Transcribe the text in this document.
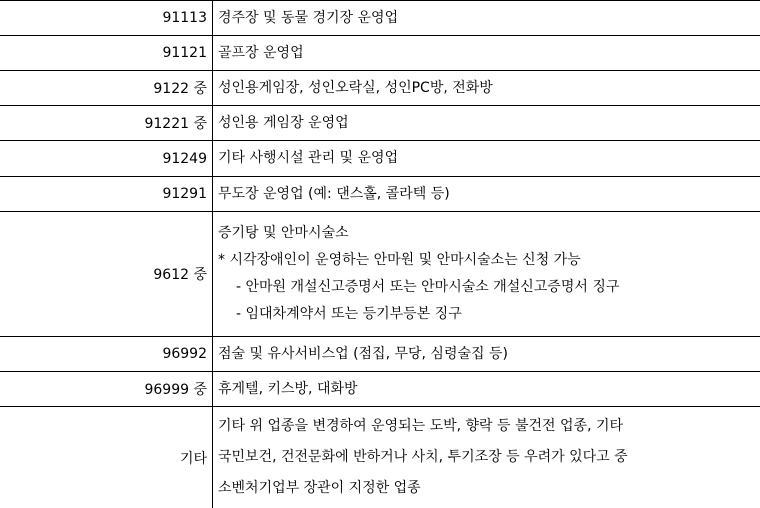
91113 경주장 및 동물 경기장 운영업
91121 골프장 운영업
9122 중 성인용게임장, 성인오락실, 성인PC방, 전화방
91221 중 성인용 게임장 운영업
91249 기타 사행시설 관리 및 운영업
91291 무도장 운영업 (예: 댄스홀, 콜라텍 등)
9612 중
증기탕 및 안마시술소
* 시각장애인이 운영하는 안마원 및 안마시술소는 신청 가능
- 안마원 개설신고증명서 또는 안마시술소 개설신고증명서 징구
- 임대차계약서 또는 등기부등본 징구
96992 점술 및 유사서비스업 (점집, 무당, 심령술집 등)
96999 중 휴게텔, 키스방, 대화방
기타
기타 위 업종을 변경하여 운영되는 도박, 향락 등 불건전 업종, 기타
국민보건, 건전문화에 반하거나 사치, 투기조장 등 우려가 있다고 중
소벤처기업부 장관이 지정한 업종
